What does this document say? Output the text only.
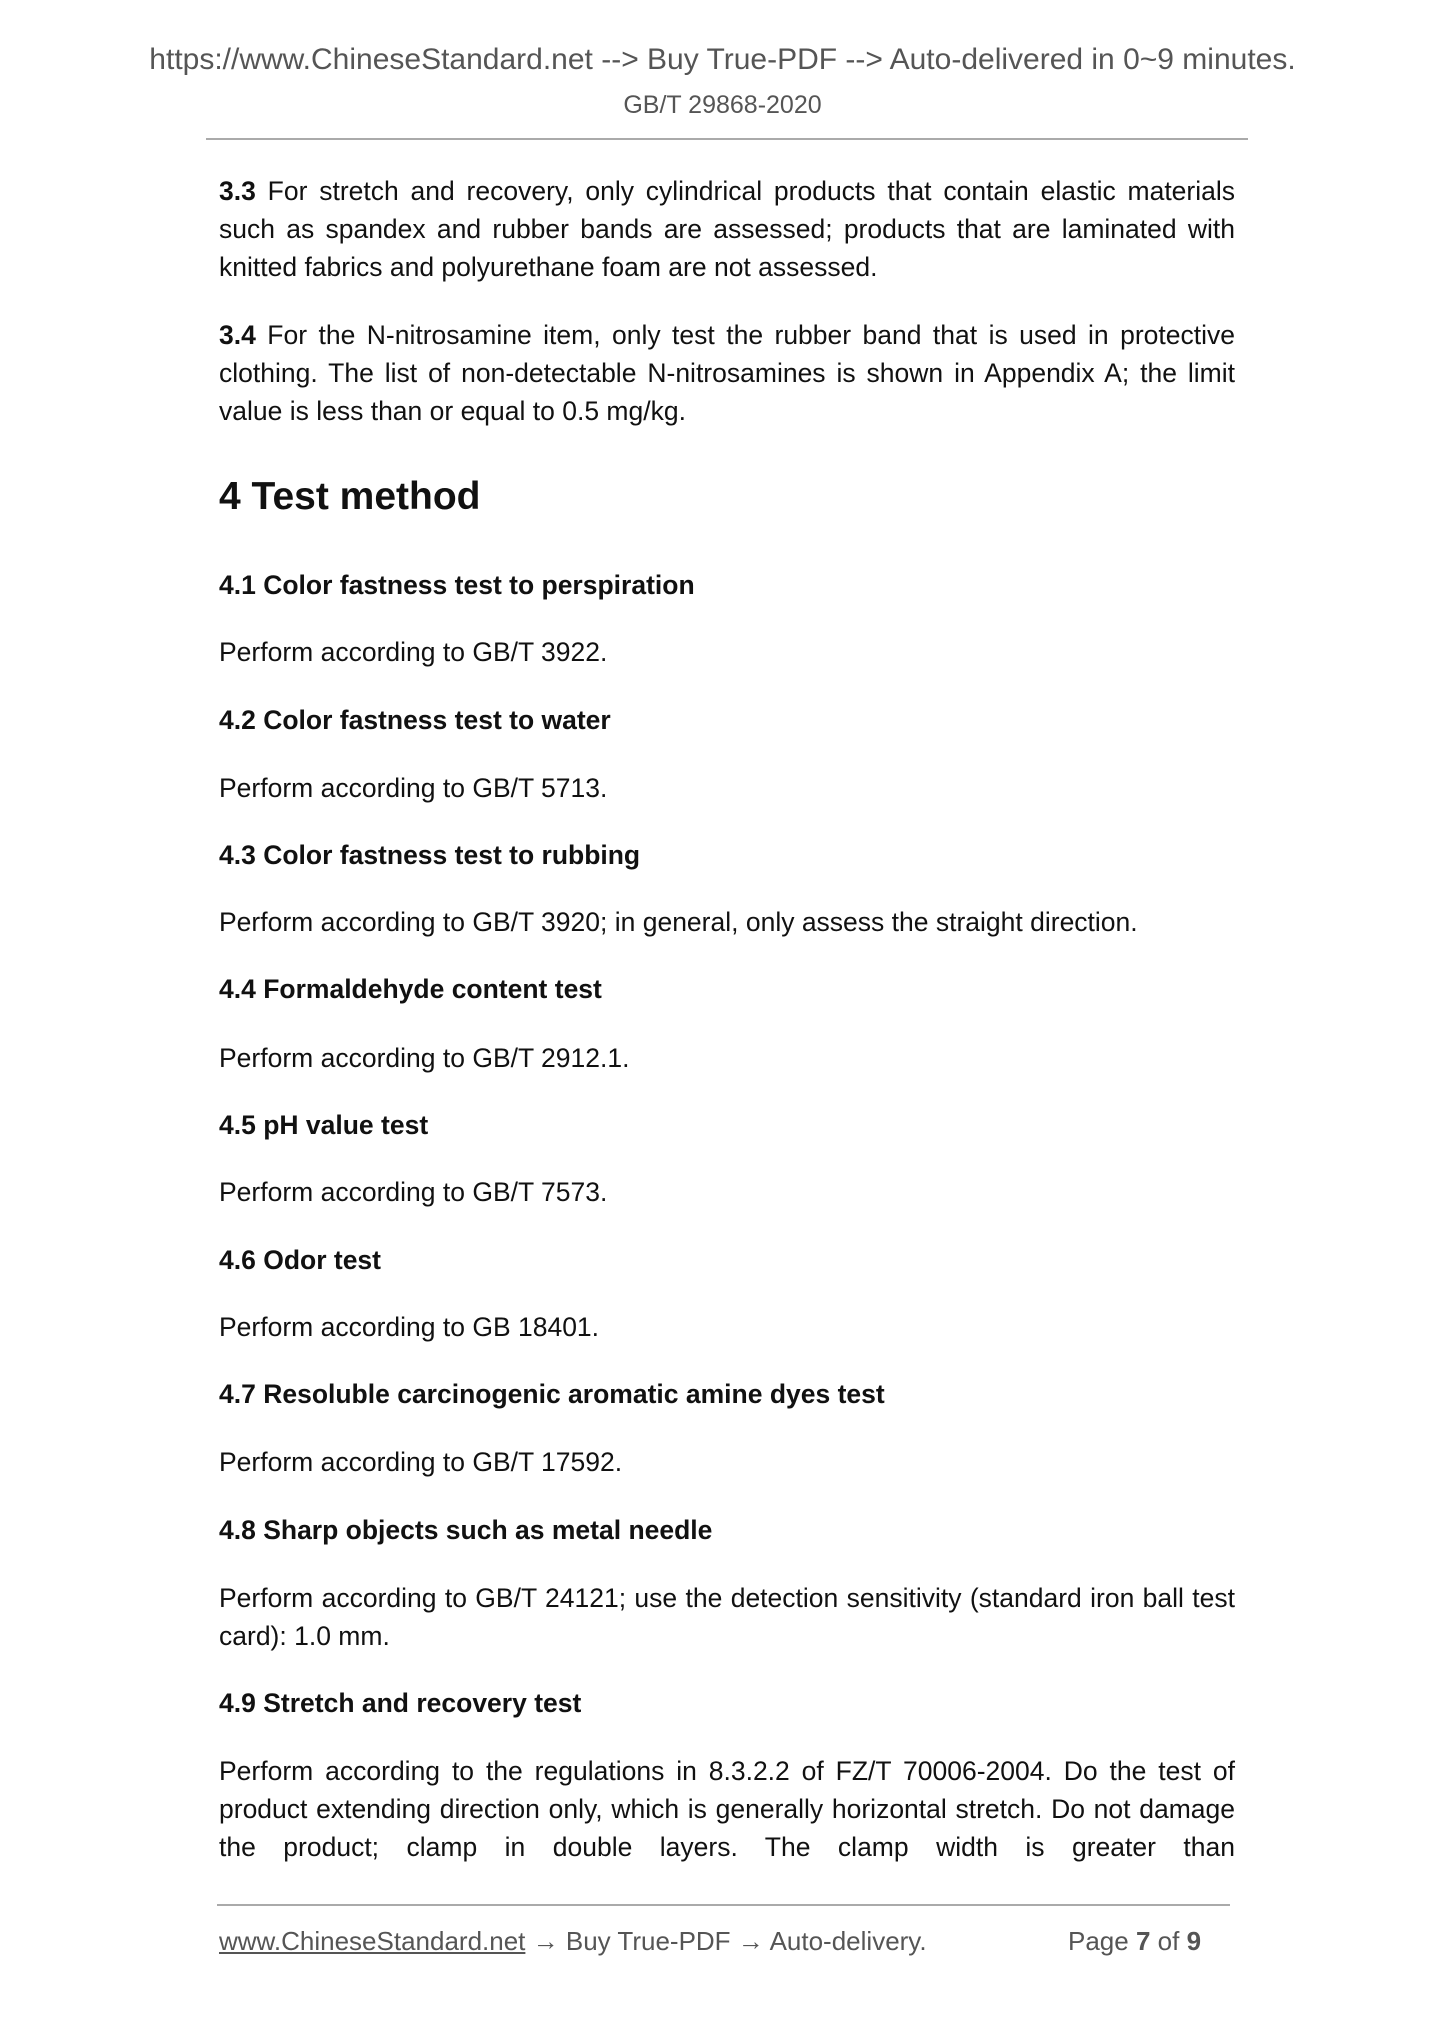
https://www.ChineseStandard.net --> Buy True-PDF --> Auto-delivered in 0~9 minutes.
GB/T 29868-2020
3.3 For stretch and recovery, only cylindrical products that contain elastic materials such as spandex and rubber bands are assessed; products that are laminated with knitted fabrics and polyurethane foam are not assessed.
3.4 For the N-nitrosamine item, only test the rubber band that is used in protective clothing. The list of non-detectable N-nitrosamines is shown in Appendix A; the limit value is less than or equal to 0.5 mg/kg.
4 Test method
4.1 Color fastness test to perspiration
Perform according to GB/T 3922.
4.2 Color fastness test to water
Perform according to GB/T 5713.
4.3 Color fastness test to rubbing
Perform according to GB/T 3920; in general, only assess the straight direction.
4.4 Formaldehyde content test
Perform according to GB/T 2912.1.
4.5 pH value test
Perform according to GB/T 7573.
4.6 Odor test
Perform according to GB 18401.
4.7 Resoluble carcinogenic aromatic amine dyes test
Perform according to GB/T 17592.
4.8 Sharp objects such as metal needle
Perform according to GB/T 24121; use the detection sensitivity (standard iron ball test card): 1.0 mm.
4.9 Stretch and recovery test
Perform according to the regulations in 8.3.2.2 of FZ/T 70006-2004. Do the test of product extending direction only, which is generally horizontal stretch. Do not damage the product; clamp in double layers. The clamp width is greater than
www.ChineseStandard.net → Buy True-PDF → Auto-delivery.	Page 7 of 9
